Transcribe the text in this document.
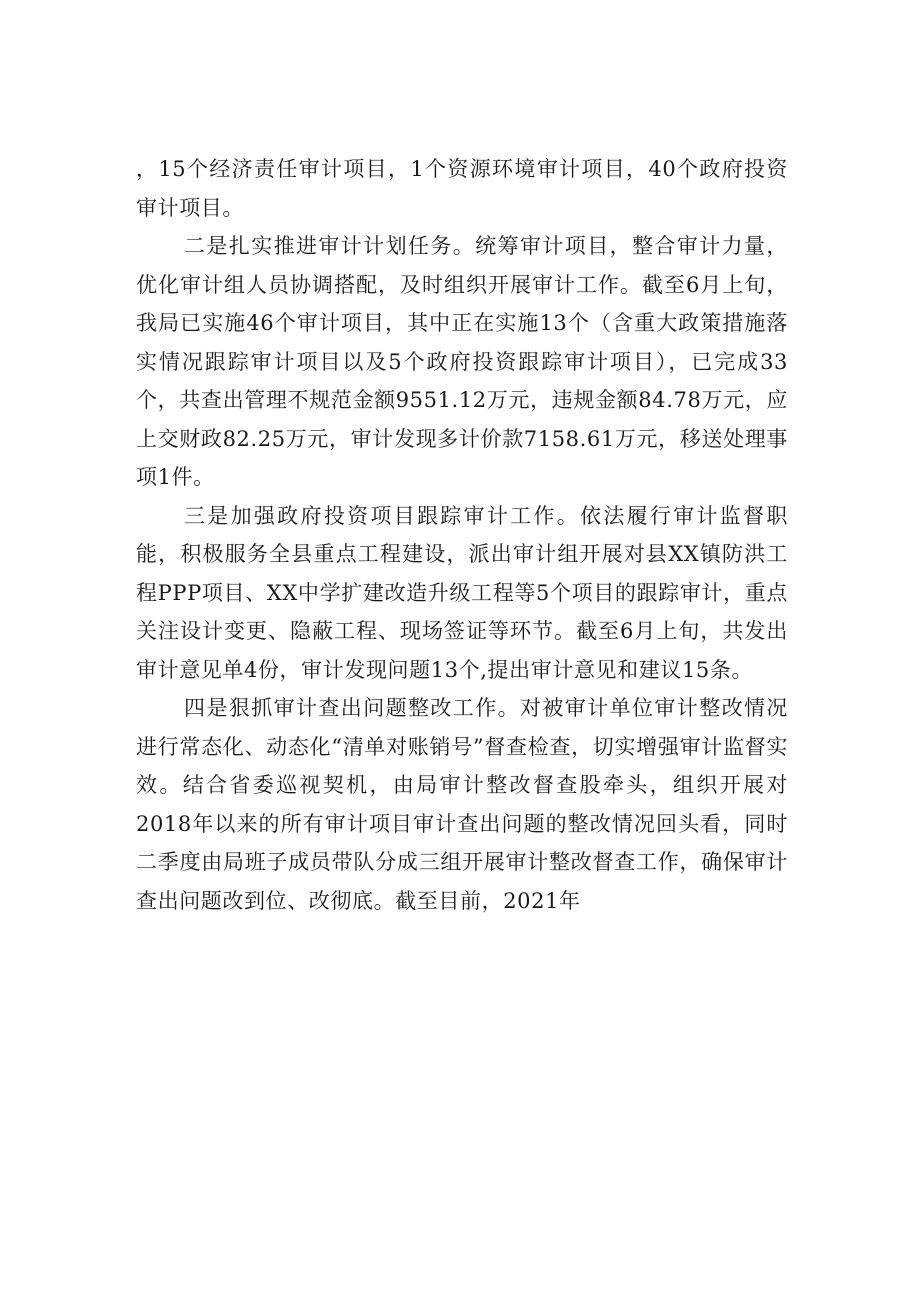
，15个经济责任审计项目，1个资源环境审计项目，40个政府投资审计项目。

二是扎实推进审计计划任务。统筹审计项目，整合审计力量，优化审计组人员协调搭配，及时组织开展审计工作。截至6月上旬，我局已实施46个审计项目，其中正在实施13个（含重大政策措施落实情况跟踪审计项目以及5个政府投资跟踪审计项目），已完成33个，共查出管理不规范金额9551.12万元，违规金额84.78万元，应上交财政82.25万元，审计发现多计价款7158.61万元，移送处理事项1件。

三是加强政府投资项目跟踪审计工作。依法履行审计监督职能，积极服务全县重点工程建设，派出审计组开展对县XX镇防洪工程PPP项目、XX中学扩建改造升级工程等5个项目的跟踪审计，重点关注设计变更、隐蔽工程、现场签证等环节。截至6月上旬，共发出审计意见单4份，审计发现问题13个,提出审计意见和建议15条。

四是狠抓审计查出问题整改工作。对被审计单位审计整改情况进行常态化、动态化“清单对账销号”督查检查，切实增强审计监督实效。结合省委巡视契机，由局审计整改督查股牵头，组织开展对2018年以来的所有审计项目审计查出问题的整改情况回头看，同时二季度由局班子成员带队分成三组开展审计整改督查工作，确保审计查出问题改到位、改彻底。截至目前，2021年
